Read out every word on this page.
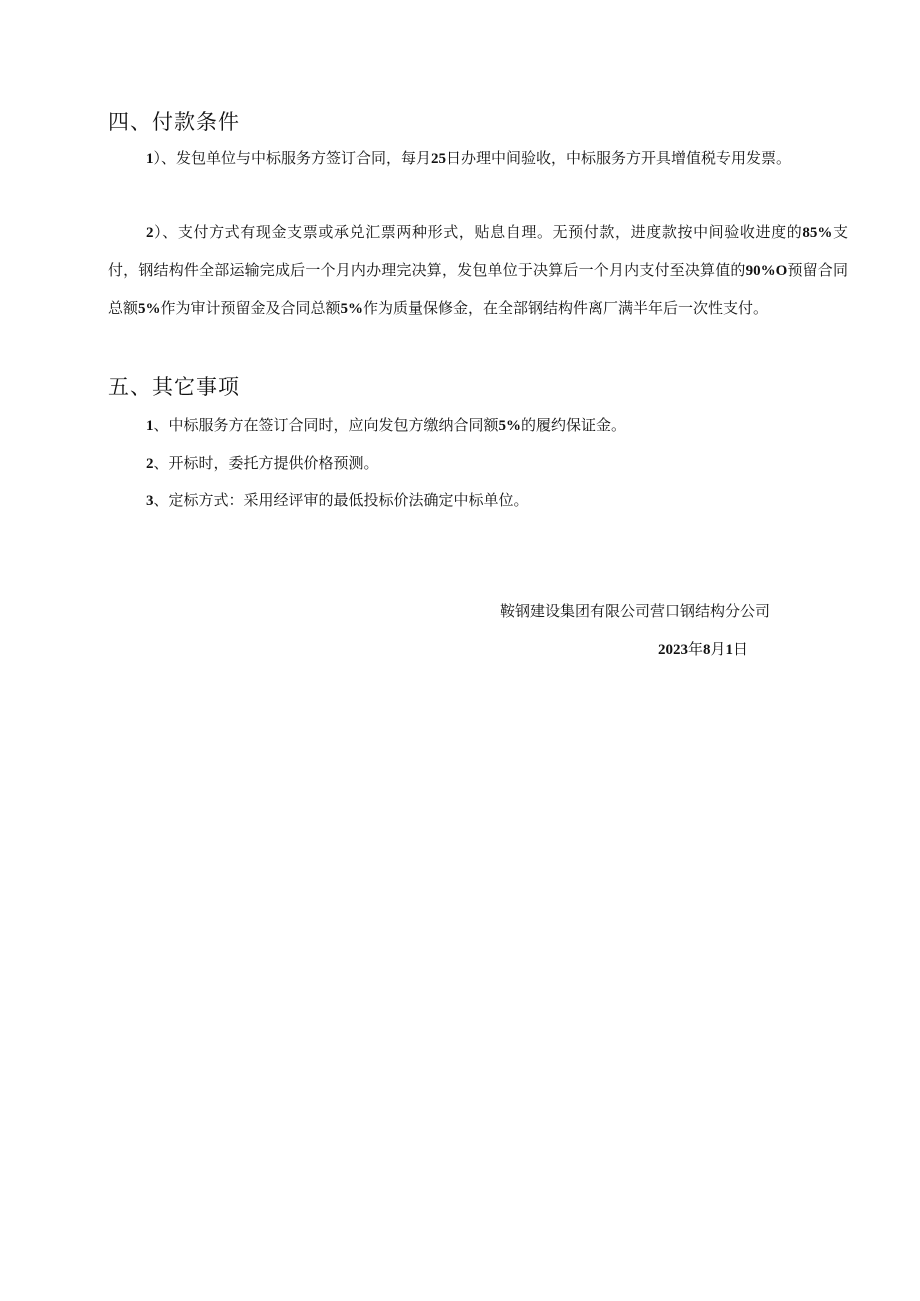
四、付款条件
1）、发包单位与中标服务方签订合同，每月25日办理中间验收，中标服务方开具增值税专用发票。
2）、支付方式有现金支票或承兑汇票两种形式，贴息自理。无预付款，进度款按中间验收进度的85%支付，钢结构件全部运输完成后一个月内办理完决算，发包单位于决算后一个月内支付至决算值的90%O预留合同总额5%作为审计预留金及合同总额5%作为质量保修金，在全部钢结构件离厂满半年后一次性支付。
五、其它事项
1、中标服务方在签订合同时，应向发包方缴纳合同额5%的履约保证金。
2、开标时，委托方提供价格预测。
3、定标方式：采用经评审的最低投标价法确定中标单位。
鞍钢建设集团有限公司营口钢结构分公司
2023年8月1日
